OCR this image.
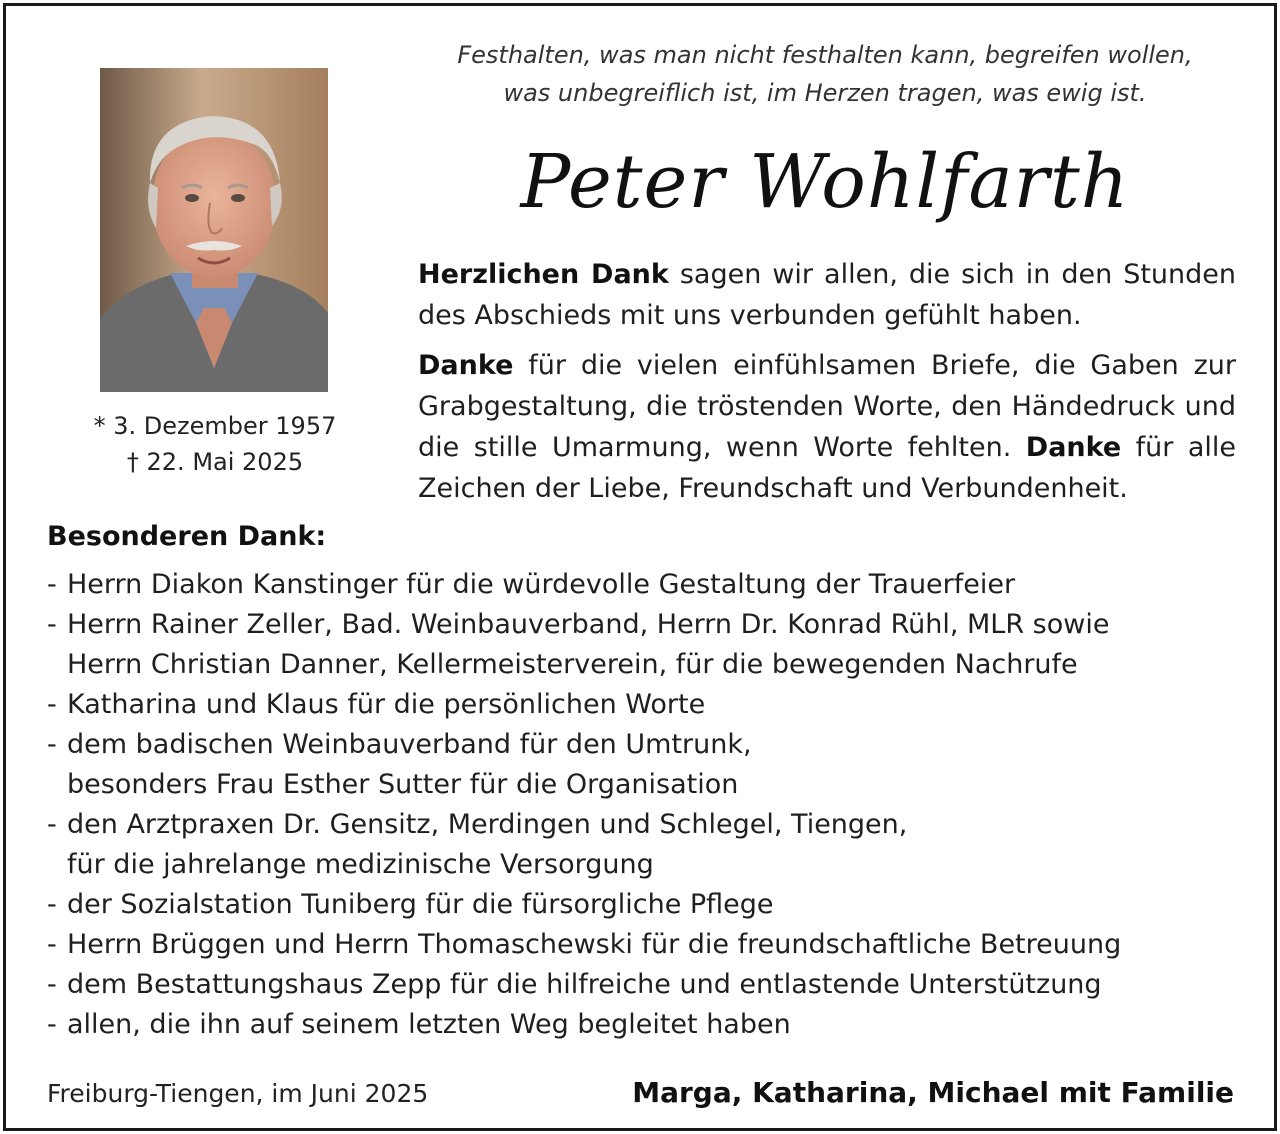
Festhalten, was man nicht festhalten kann, begreifen wollen,
was unbegreiflich ist, im Herzen tragen, was ewig ist.
Peter Wohlfarth
* 3. Dezember 1957
† 22. Mai 2025
Herzlichen Dank sagen wir allen, die sich in den Stunden des Abschieds mit uns verbunden gefühlt haben.
Danke für die vielen einfühlsamen Briefe, die Gaben zur Grabgestaltung, die tröstenden Worte, den Händedruck und die stille Umarmung, wenn Worte fehlten. Danke für alle Zeichen der Liebe, Freundschaft und Verbundenheit.
Besonderen Dank:
- Herrn Diakon Kanstinger für die würdevolle Gestaltung der Trauerfeier
- Herrn Rainer Zeller, Bad. Weinbauverband, Herrn Dr. Konrad Rühl, MLR sowie
Herrn Christian Danner, Kellermeisterverein, für die bewegenden Nachrufe
- Katharina und Klaus für die persönlichen Worte
- dem badischen Weinbauverband für den Umtrunk,
besonders Frau Esther Sutter für die Organisation
- den Arztpraxen Dr. Gensitz, Merdingen und Schlegel, Tiengen,
für die jahrelange medizinische Versorgung
- der Sozialstation Tuniberg für die fürsorgliche Pflege
- Herrn Brüggen und Herrn Thomaschewski für die freundschaftliche Betreuung
- dem Bestattungshaus Zepp für die hilfreiche und entlastende Unterstützung
- allen, die ihn auf seinem letzten Weg begleitet haben
Freiburg-Tiengen, im Juni 2025	Marga, Katharina, Michael mit Familie
